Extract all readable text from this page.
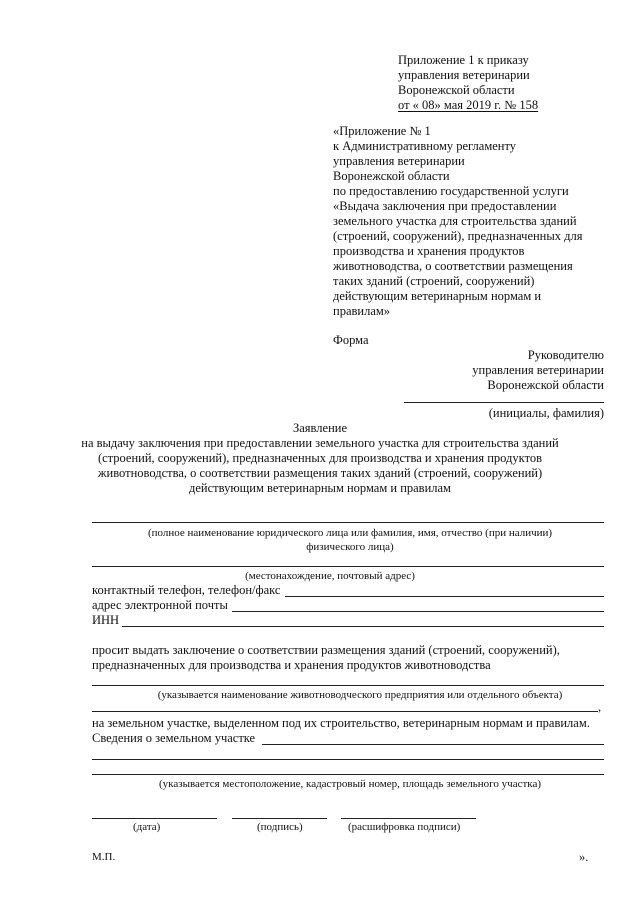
Приложение 1 к приказу
управления ветеринарии
Воронежской области
от « 08» мая 2019 г. № 158
«Приложение № 1
к Административному регламенту
управления ветеринарии
Воронежской области
по предоставлению государственной услуги
«Выдача заключения при предоставлении
земельного участка для строительства зданий
(строений, сооружений), предназначенных для
производства и хранения продуктов
животноводства, о соответствии размещения
таких зданий (строений, сооружений)
действующим ветеринарным нормам и
правилам»
Форма
Руководителю
управления ветеринарии
Воронежской области
(инициалы, фамилия)
Заявление
на выдачу заключения при предоставлении земельного участка для строительства зданий
(строений, сооружений), предназначенных для производства и хранения продуктов
животноводства, о соответствии размещения таких зданий (строений, сооружений)
действующим ветеринарным нормам и правилам
(полное наименование юридического лица или фамилия, имя, отчество (при наличии)
физического лица)
(местонахождение, почтовый адрес)
контактный телефон, телефон/факс
адрес электронной почты
ИНН
просит выдать заключение о соответствии размещения зданий (строений, сооружений),
предназначенных для производства и хранения продуктов животноводства
(указывается наименование животноводческого предприятия или отдельного объекта)
,
на земельном участке, выделенном под их строительство, ветеринарным нормам и правилам.
Сведения о земельном участке
(указывается местоположение, кадастровый номер, площадь земельного участка)
(дата)	(подпись)	(расшифровка подписи)
М.П.	».
